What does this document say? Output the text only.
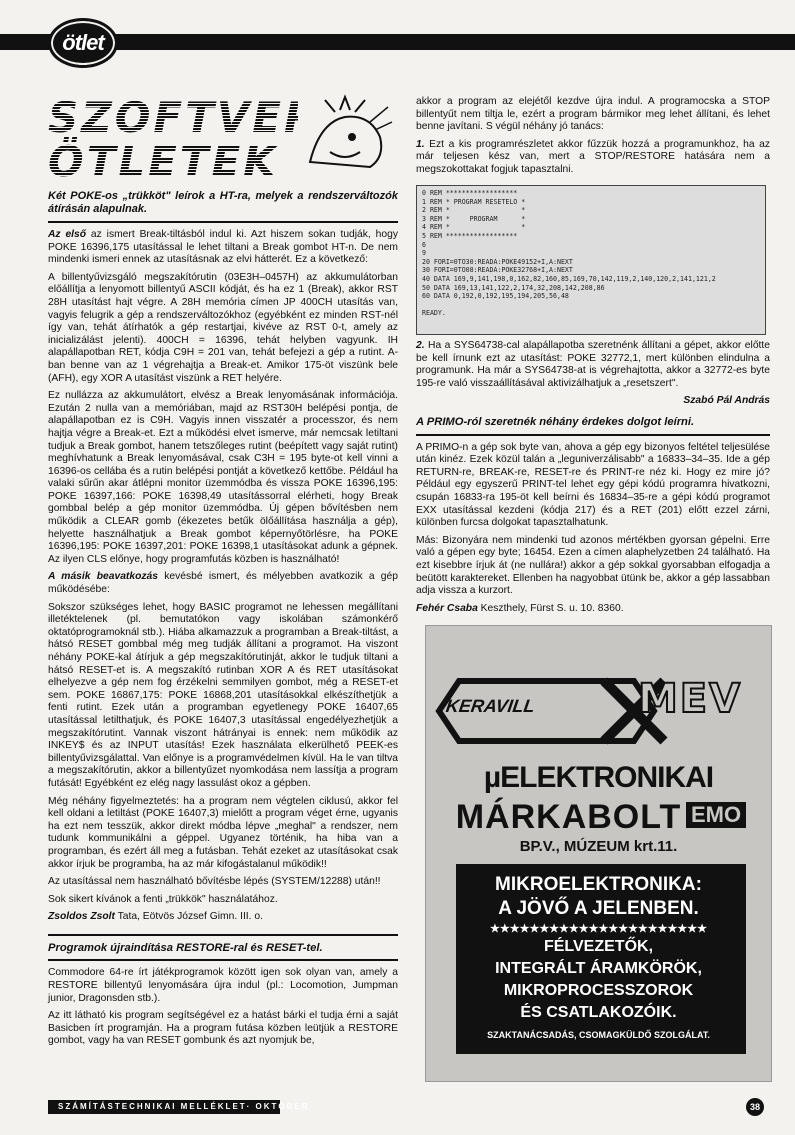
ötlet
SZOFTVER
ÖTLETEK

Két POKE-os „trükköt" leírok a HT-ra, melyek a rendszerváltozók átírásán alapulnak.

Az első az ismert Break-tiltásból indul ki. Azt hiszem sokan tudják, hogy POKE 16396,175 utasítással le lehet tiltani a Break gombot HT-n. De nem mindenki ismeri ennek az utasításnak az elvi hátterét. Ez a következő:

A billentyűvizsgáló megszakítórutin (03E3H–0457H) az akkumulátorban előállítja a lenyomott billentyű ASCII kódját, és ha ez 1 (Break), akkor RST 28H utasítást hajt végre. A 28H memória címen JP 400CH utasítás van, vagyis felugrik a gép a rendszerváltozókhoz (egyébként ez minden RST-nél így van, tehát átírhatók a gép restartjai, kivéve az RST 0-t, amely az inicializálást jelenti). 400CH = 16396, tehát helyben vagyunk. IH alapállapotban RET, kódja C9H = 201 van, tehát befejezi a gép a rutint. A-ban benne van az 1 végrehajtja a Break-et. Amikor 175-öt viszünk bele (AFH), egy XOR A utasítást viszünk a RET helyére.

Ez nullázza az akkumulátort, elvész a Break lenyomásának információja. Ezután 2 nulla van a memóriában, majd az RST30H belépési pontja, de alapállapotban ez is C9H. Vagyis innen visszatér a processzor, és nem hajtja végre a Break-et. Ezt a működési elvet ismerve, már nemcsak letiltani tudjuk a Break gombot, hanem tetszőleges rutint (beépített vagy saját rutint) meghívhatunk a Break lenyomásával, csak C3H = 195 byte-ot kell vinni a 16396-os cellába és a rutin belépési pontját a következő kettőbe. Például ha valaki sűrűn akar átlépni monitor üzemmódba és vissza POKE 16396,195: POKE 16397,166: POKE 16398,49 utasítássorral elérheti, hogy Break gombbal belép a gép monitor üzemmódba. Új gépen bővítésben nem működik a CLEAR gomb (ékezetes betűk ölőállítása használja a gép), helyette használhatjuk a Break gombot képernyőtörlésre, ha POKE 16396,195: POKE 16397,201: POKE 16398,1 utasításokat adunk a gépnek. Az ilyen CLS előnye, hogy programfutás közben is használható!

A másik beavatkozás kevésbé ismert, és mélyebben avatkozik a gép működésébe:

Sokszor szükséges lehet, hogy BASIC programot ne lehessen megállítani illetéktelenek (pl. bemutatókon vagy iskolában számonkérő oktatóprogramoknál stb.). Hiába alkamazzuk a programban a Break-tiltást, a hátsó RESET gombbal még meg tudják állítani a programot. Ha viszont néhány POKE-kal átírjuk a gép megszakítórutinját, akkor le tudjuk tiltani a hátsó RESET-et is. A megszakító rutinban XOR A és RET utasításokat elhelyezve a gép nem fog érzékelni semmilyen gombot, még a RESET-et sem. POKE 16867,175: POKE 16868,201 utasításokkal elkészíthetjük a fenti rutint. Ezek után a programban egyetlenegy POKE 16407,65 utasítással letilthatjuk, és POKE 16407,3 utasítással engedélyezhetjük a megszakítórutint. Vannak viszont hátrányai is ennek: nem működik az INKEY$ és az INPUT utasítás! Ezek használata elkerülhető PEEK-es billentyűvizsgálattal. Van előnye is a programvédelmen kívül. Ha le van tiltva a megszakítórutin, akkor a billentyűzet nyomkodása nem lassítja a program futását! Egyébként ez elég nagy lassulást okoz a gépben.

Még néhány figyelmeztetés: ha a program nem végtelen ciklusú, akkor fel kell oldani a letiltást (POKE 16407,3) mielőtt a program véget érne, ugyanis ha ezt nem tesszük, akkor direkt módba lépve „meghal" a rendszer, nem tudunk kommunikálni a géppel. Ugyanez történik, ha hiba van a programban, és ezért áll meg a futásban. Tehát ezeket az utasításokat csak akkor írjuk be programba, ha az már kifogástalanul működik!!

Az utasítással nem használható bővítésbe lépés (SYSTEM/12288) után!!

Sok sikert kívánok a fenti „trükkök" használatához.

Zsoldos Zsolt Tata, Eötvös József Gimn. III. o.

Programok újraindítása RESTORE-ral és RESET-tel.

Commodore 64-re írt játékprogramok között igen sok olyan van, amely a RESTORE billentyű lenyomására újra indul (pl.: Locomotion, Jumpman junior, Dragonsden stb.).

Az itt látható kis program segítségével ez a hatást bárki el tudja érni a saját Basicben írt programján. Ha a program futása közben leütjük a RESTORE gombot, vagy ha van RESET gombunk és azt nyomjuk be,

akkor a program az elejétől kezdve újra indul. A programocska a STOP billentyűt nem tiltja le, ezért a program bármikor meg lehet állítani, és lehet benne javítani. S végül néhány jó tanács:

1. Ezt a kis programrészletet akkor fűzzük hozzá a programunkhoz, ha az már teljesen kész van, mert a STOP/RESTORE hatására nem a megszokottakat fogjuk tapasztalni.

0 REM ******************
1 REM * PROGRAM RESETELO *
2 REM *                  *
3 REM *     PROGRAM      *
4 REM *                  *
5 REM ******************
6
9
20 FORI=0TO30:READA:POKE49152+I,A:NEXT
30 FORI=0TO08:READA:POKE32768+I,A:NEXT
40 DATA 169,9,141,198,0,162,82,160,85,169,70,142,119,2,140,120,2,141,121,2
50 DATA 169,13,141,122,2,174,32,208,142,208,86
60 DATA 0,192,0,192,195,194,205,56,48

READY.

2. Ha a SYS64738-cal alapállapotba szeretnénk állítani a gépet, akkor előtte be kell írnunk ezt az utasítást: POKE 32772,1, mert különben elindulna a programunk. Ha már a SYS64738-at is végrehajtotta, akkor a 32772-es byte 195-re való visszaállításával aktivizálhatjuk a „resetszert".

Szabó Pál András

A PRIMO-ról szeretnék néhány érdekes dolgot leírni.

A PRIMO-n a gép sok byte van, ahova a gép egy bizonyos feltétel teljesülése után kinéz. Ezek közül talán a „leguniverzálisabb" a 16833–34–35. Ide a gép RETURN-re, BREAK-re, RESET-re és PRINT-re néz ki. Hogy ez mire jó? Például egy egyszerű PRINT-tel lehet egy gépi kódú programra hivatkozni, csupán 16833-ra 195-öt kell beírni és 16834–35-re a gépi kódú programot EXX utasítással kezdeni (kódja 217) és a RET (201) előtt ezzel zárni, különben furcsa dolgokat tapasztalhatunk.

Más: Bizonyára nem mindenki tud azonos mértékben gyorsan gépelni. Erre való a gépen egy byte; 16454. Ezen a címen alaphelyzetben 24 található. Ha ezt kisebbre írjuk át (ne nullára!) akkor a gép sokkal gyorsabban elfogadja a beütött karaktereket. Ellenben ha nagyobbat ütünk be, akkor a gép lassabban adja vissza a kurzort.

Fehér Csaba Keszthely, Fürst S. u. 10. 8360.

KERAVILL	MEV
µELEKTRONIKAI
MÁRKABOLT EMO
BP.V., MÚZEUM krt.11.
MIKROELEKTRONIKA:
A JÖVŐ A JELENBEN.
★★★★★★★★★★★★★★★★★★★★★★
FÉLVEZETŐK,
INTEGRÁLT ÁRAMKÖRÖK,
MIKROPROCESSZOROK
ÉS CSATLAKOZÓIK.
SZAKTANÁCSADÁS, CSOMAGKÜLDŐ SZOLGÁLAT.
SZÁMÍTÁSTECHNIKAI MELLÉKLET· OKTÓBER	38
